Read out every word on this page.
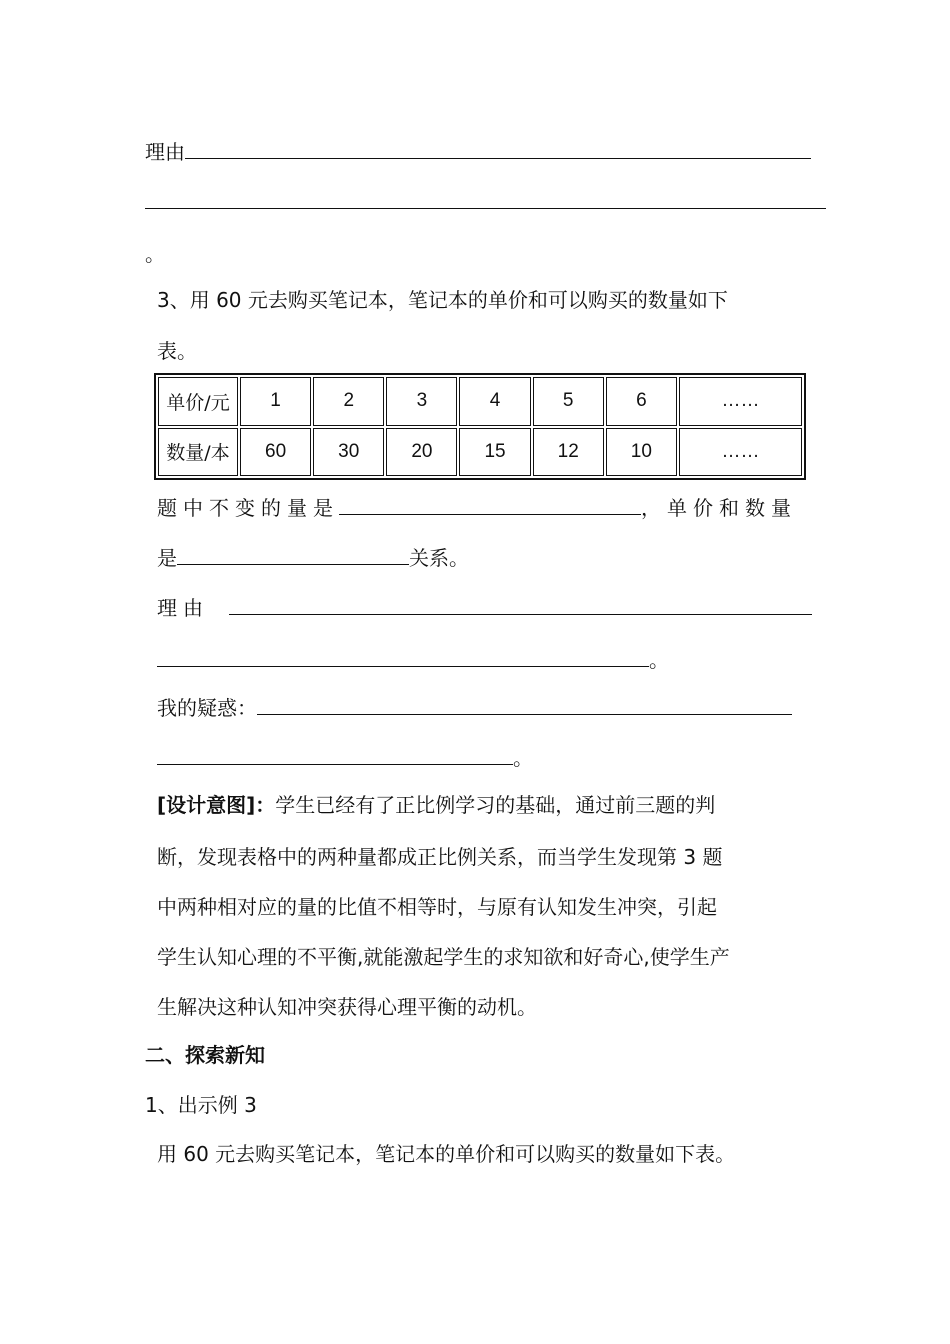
理由
。
3、用 60 元去购买笔记本，笔记本的单价和可以购买的数量如下
表。
单价/元	1	2	3	4	5	6	……
数量/本	60	30	20	15	12	10	……
题中不变的量是	，单价和数量
是	关系。
理由
。
我的疑惑：
。
[设计意图]：学生已经有了正比例学习的基础，通过前三题的判
断，发现表格中的两种量都成正比例关系，而当学生发现第 3 题
中两种相对应的量的比值不相等时，与原有认知发生冲突，引起
学生认知心理的不平衡,就能激起学生的求知欲和好奇心,使学生产
生解决这种认知冲突获得心理平衡的动机。
二、探索新知
1、出示例 3
用 60 元去购买笔记本，笔记本的单价和可以购买的数量如下表。
